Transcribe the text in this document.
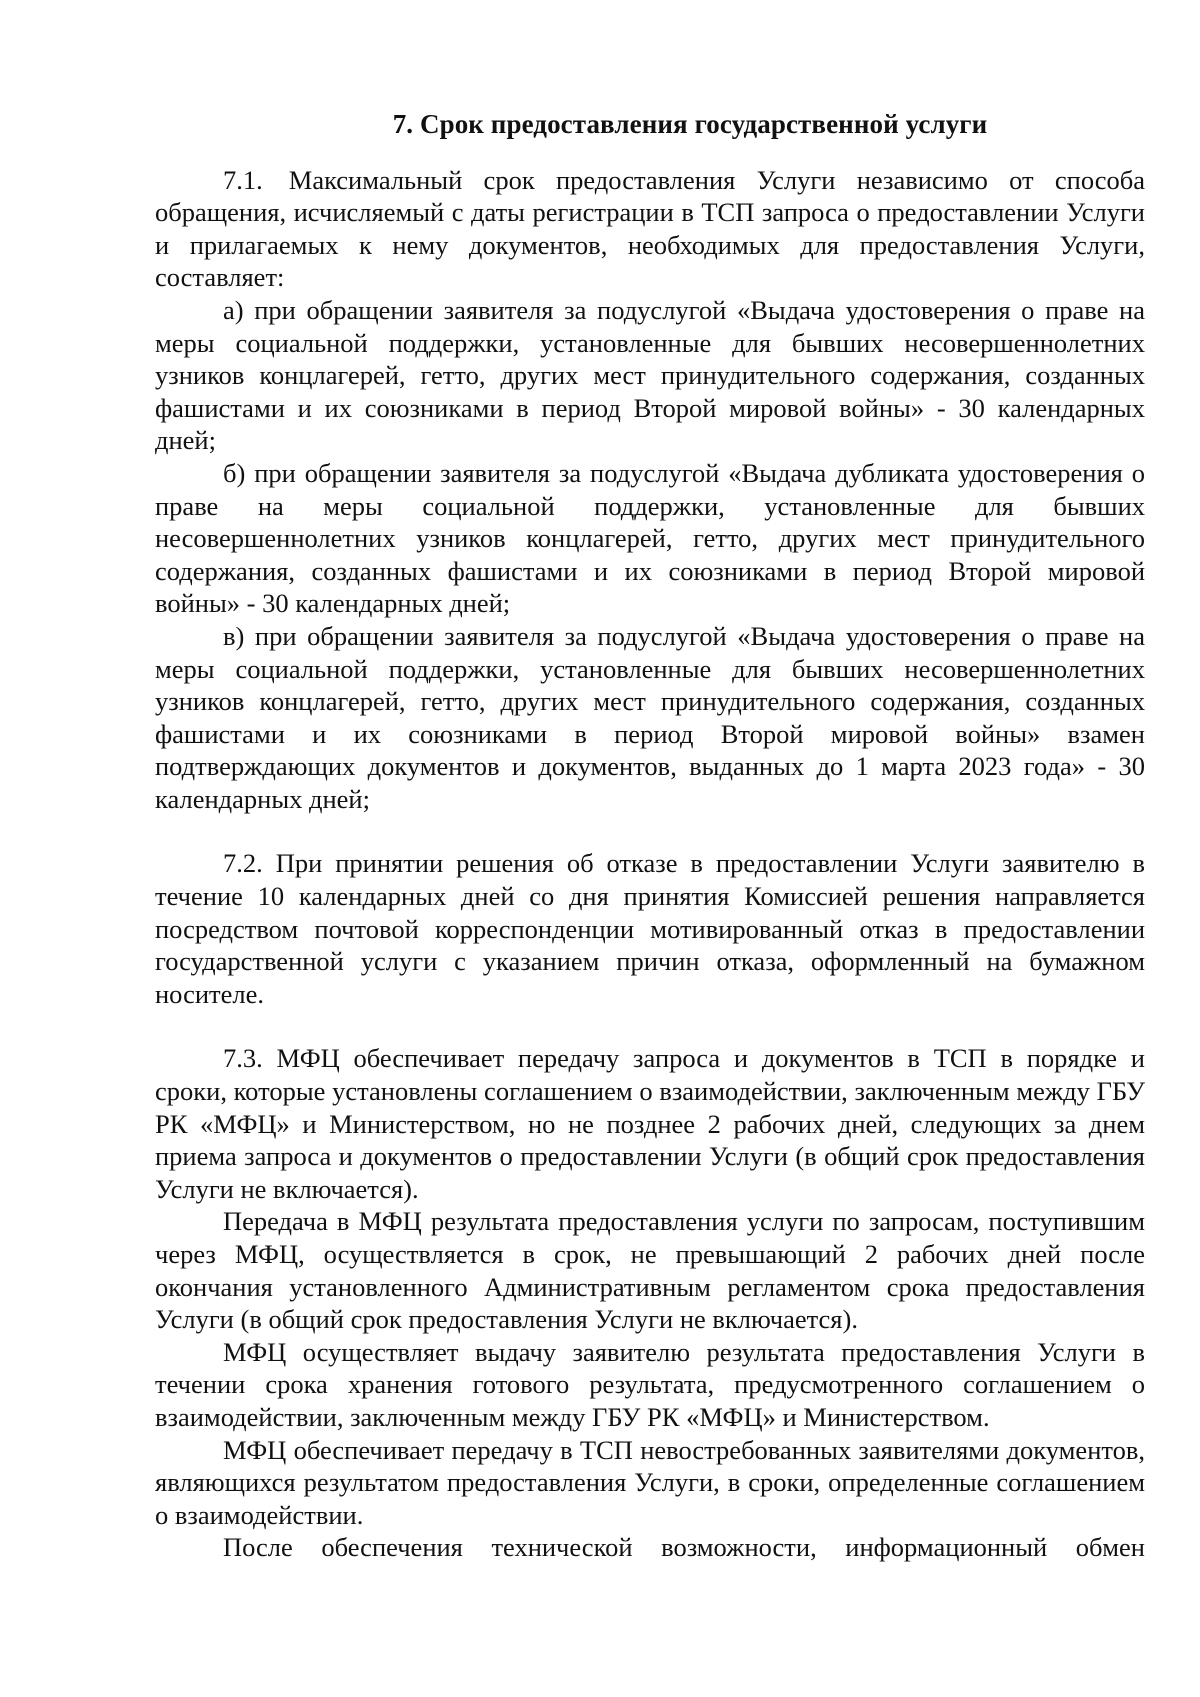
7. Срок предоставления государственной услуги

7.1. Максимальный срок предоставления Услуги независимо от способа обращения, исчисляемый с даты регистрации в ТСП запроса о предоставлении Услуги и прилагаемых к нему документов, необходимых для предоставления Услуги, составляет:

а) при обращении заявителя за подуслугой «Выдача удостоверения о праве на меры социальной поддержки, установленные для бывших несовершеннолетних узников концлагерей, гетто, других мест принудительного содержания, созданных фашистами и их союзниками в период Второй мировой войны» - 30 календарных дней;

б) при обращении заявителя за подуслугой «Выдача дубликата удостоверения о праве на меры социальной поддержки, установленные для бывших несовершеннолетних узников концлагерей, гетто, других мест принудительного содержания, созданных фашистами и их союзниками в период Второй мировой войны» - 30 календарных дней;

в) при обращении заявителя за подуслугой «Выдача удостоверения о праве на меры социальной поддержки, установленные для бывших несовершеннолетних узников концлагерей, гетто, других мест принудительного содержания, созданных фашистами и их союзниками в период Второй мировой войны» взамен подтверждающих документов и документов, выданных до 1 марта 2023 года» - 30 календарных дней;

7.2. При принятии решения об отказе в предоставлении Услуги заявителю в течение 10 календарных дней со дня принятия Комиссией решения направляется посредством почтовой корреспонденции мотивированный отказ в предоставлении государственной услуги с указанием причин отказа, оформленный на бумажном носителе.

7.3. МФЦ обеспечивает передачу запроса и документов в ТСП в порядке и сроки, которые установлены соглашением о взаимодействии, заключенным между ГБУ РК «МФЦ» и Министерством, но не позднее 2 рабочих дней, следующих за днем приема запроса и документов о предоставлении Услуги (в общий срок предоставления Услуги не включается).

Передача в МФЦ результата предоставления услуги по запросам, поступившим через МФЦ, осуществляется в срок, не превышающий 2 рабочих дней после окончания установленного Административным регламентом срока предоставления Услуги (в общий срок предоставления Услуги не включается).

МФЦ осуществляет выдачу заявителю результата предоставления Услуги в течении срока хранения готового результата, предусмотренного соглашением о взаимодействии, заключенным между ГБУ РК «МФЦ» и Министерством.

МФЦ обеспечивает передачу в ТСП невостребованных заявителями документов, являющихся результатом предоставления Услуги, в сроки, определенные соглашением о взаимодействии.

После обеспечения технической возможности, информационный обмен
